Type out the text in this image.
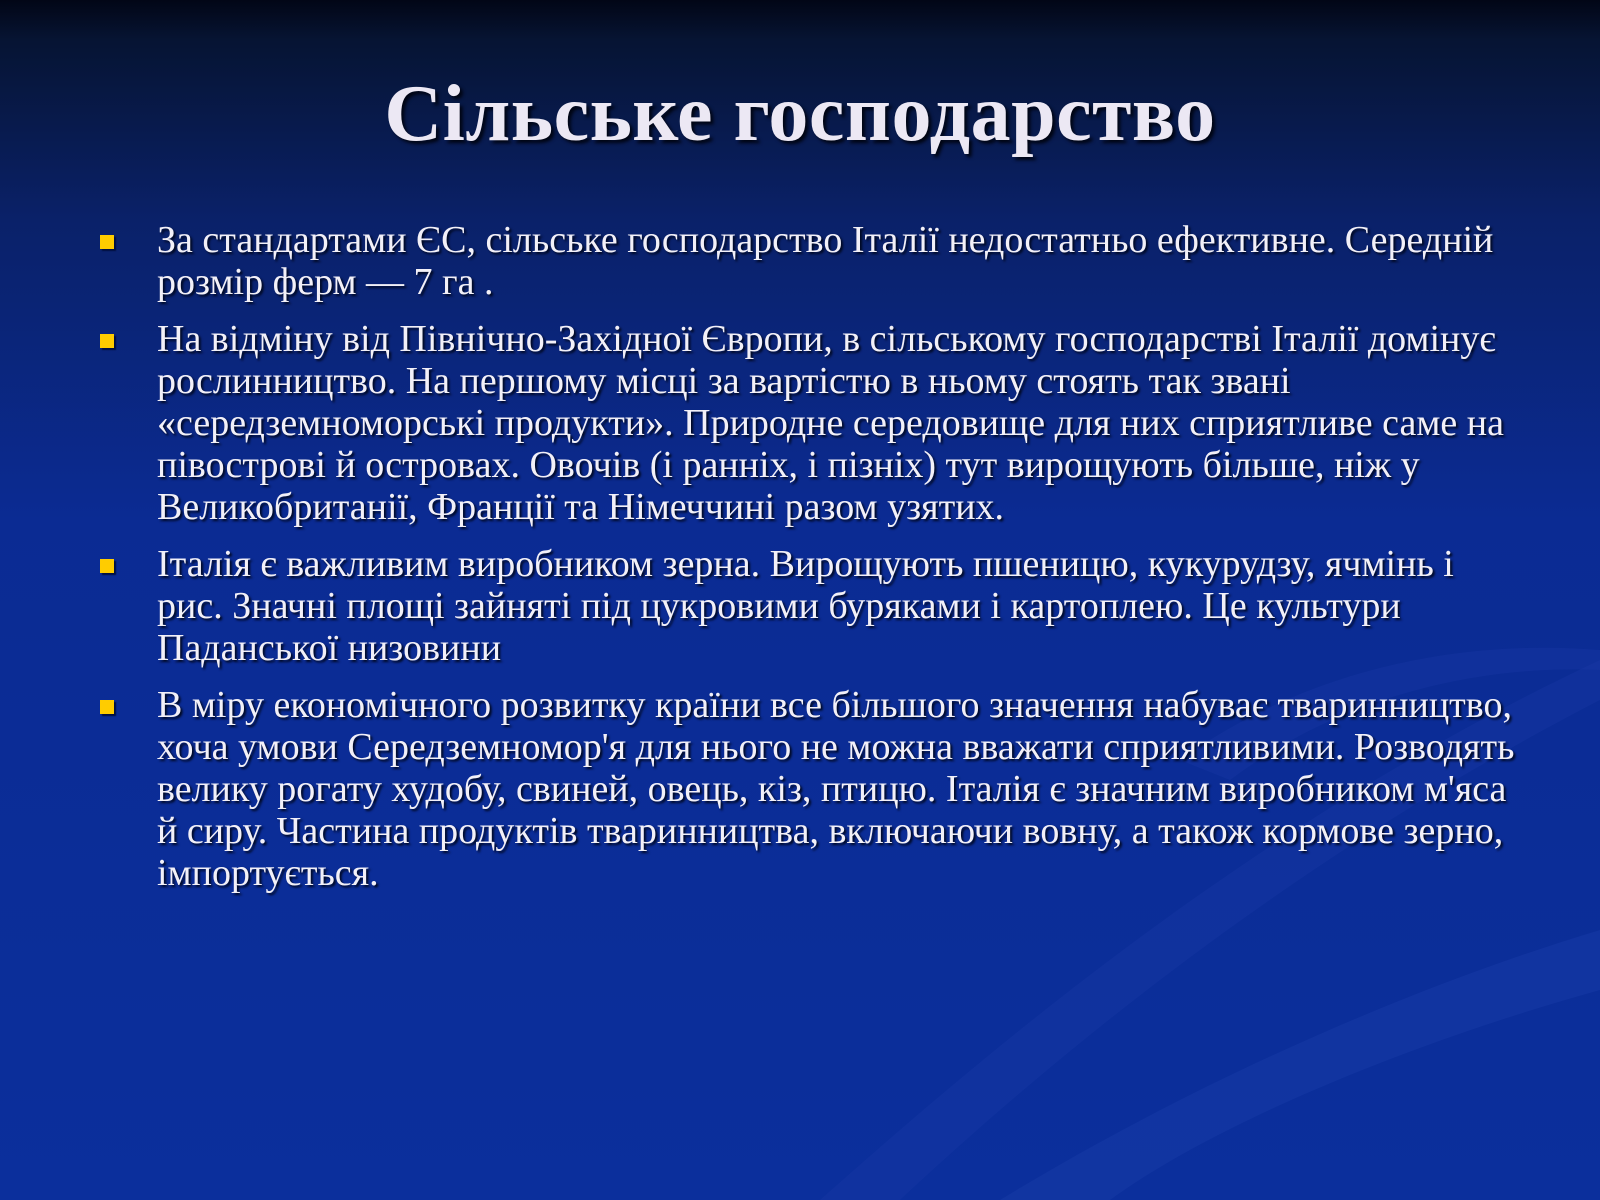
Сільське господарство
За стандартами ЄС, сільське господарство Італії недостатньо ефективне. Середній розмір ферм — 7 га .
На відміну від Північно-Західної Європи, в сільському господарстві Італії домінує рослинництво. На першому місці за вартістю в ньому стоять так звані «середземноморські продукти». Природне середовище для них сприятливе саме на півострові й островах. Овочів (і ранніх, і пізніх) тут вирощують більше, ніж у Великобританії, Франції та Німеччині разом узятих.
Італія є важливим виробником зерна. Вирощують пшеницю, кукурудзу, ячмінь і рис. Значні площі зайняті під цукровими буряками і картоплею. Це культури Паданської низовини
В міру економічного розвитку країни все більшого значення набуває тваринництво, хоча умови Середземномор'я для нього не можна вважати сприятливими. Розводять велику рогату худобу, свиней, овець, кіз, птицю. Італія є значним виробником м'яса й сиру. Частина продуктів тваринництва, включаючи вовну, а також кормове зерно, імпортується.
